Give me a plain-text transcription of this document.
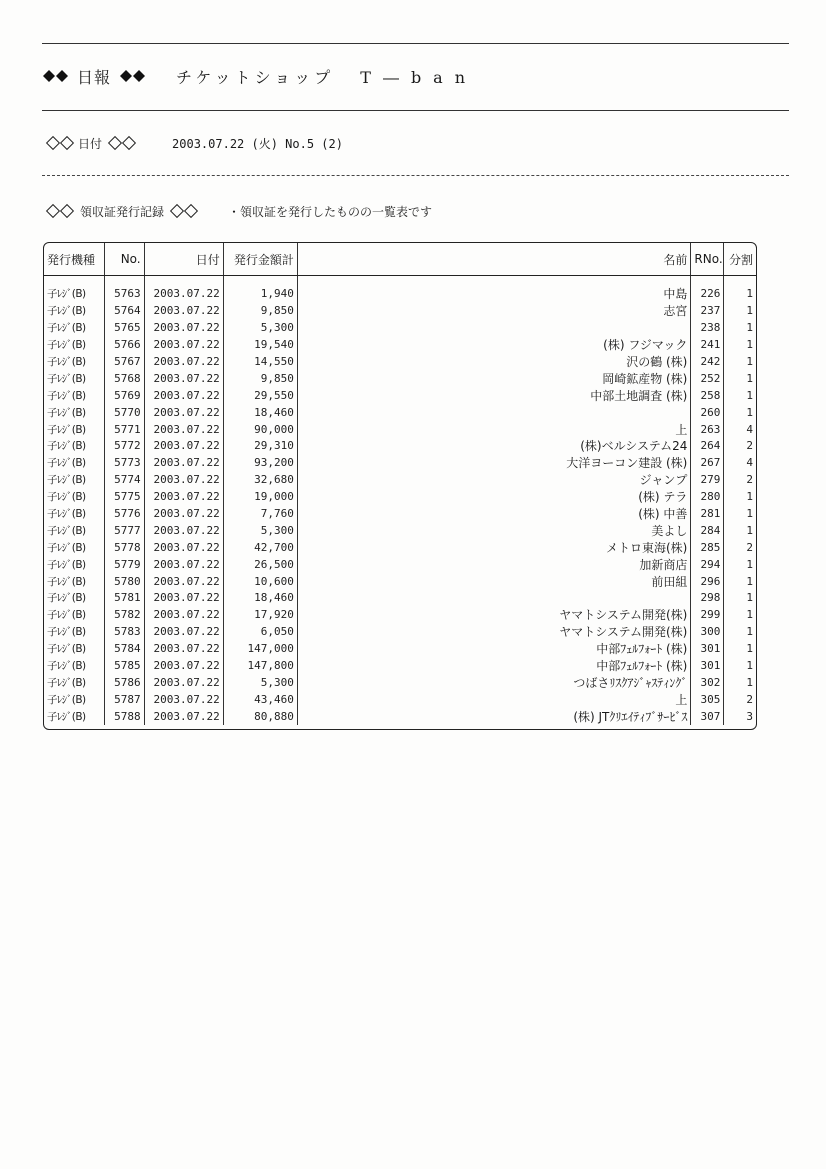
日報	チケットショップ T―ban
日付	2003.07.22 (火) No.5 (2)
領収証発行記録	・領収証を発行したものの一覧表です
発行機種	No.	日付	発行金額計	名前	RNo.	分割
子ﾚｼﾞ(B)	5763	2003.07.22	1,940	中島	226	1
子ﾚｼﾞ(B)	5764	2003.07.22	9,850	志宮	237	1
子ﾚｼﾞ(B)	5765	2003.07.22	5,300		238	1
子ﾚｼﾞ(B)	5766	2003.07.22	19,540	(株) フジマック	241	1
子ﾚｼﾞ(B)	5767	2003.07.22	14,550	沢の鶴 (株)	242	1
子ﾚｼﾞ(B)	5768	2003.07.22	9,850	岡崎鉱産物 (株)	252	1
子ﾚｼﾞ(B)	5769	2003.07.22	29,550	中部土地調査 (株)	258	1
子ﾚｼﾞ(B)	5770	2003.07.22	18,460		260	1
子ﾚｼﾞ(B)	5771	2003.07.22	90,000	上	263	4
子ﾚｼﾞ(B)	5772	2003.07.22	29,310	(株)ベルシステム24	264	2
子ﾚｼﾞ(B)	5773	2003.07.22	93,200	大洋ヨーコン建設 (株)	267	4
子ﾚｼﾞ(B)	5774	2003.07.22	32,680	ジャンプ	279	2
子ﾚｼﾞ(B)	5775	2003.07.22	19,000	(株) テラ	280	1
子ﾚｼﾞ(B)	5776	2003.07.22	7,760	(株) 中善	281	1
子ﾚｼﾞ(B)	5777	2003.07.22	5,300	美よし	284	1
子ﾚｼﾞ(B)	5778	2003.07.22	42,700	メトロ東海(株)	285	2
子ﾚｼﾞ(B)	5779	2003.07.22	26,500	加新商店	294	1
子ﾚｼﾞ(B)	5780	2003.07.22	10,600	前田組	296	1
子ﾚｼﾞ(B)	5781	2003.07.22	18,460		298	1
子ﾚｼﾞ(B)	5782	2003.07.22	17,920	ヤマトシステム開発(株)	299	1
子ﾚｼﾞ(B)	5783	2003.07.22	6,050	ヤマトシステム開発(株)	300	1
子ﾚｼﾞ(B)	5784	2003.07.22	147,000	中部ﾌｪﾙﾌｫｰﾄ (株)	301	1
子ﾚｼﾞ(B)	5785	2003.07.22	147,800	中部ﾌｪﾙﾌｫｰﾄ (株)	301	1
子ﾚｼﾞ(B)	5786	2003.07.22	5,300	つばさﾘｽｸｱｼﾞｬｽﾃｨﾝｸﾞ	302	1
子ﾚｼﾞ(B)	5787	2003.07.22	43,460	上	305	2
子ﾚｼﾞ(B)	5788	2003.07.22	80,880	(株) JTｸﾘｴｲﾃｨﾌﾞｻｰﾋﾞｽ	307	3
